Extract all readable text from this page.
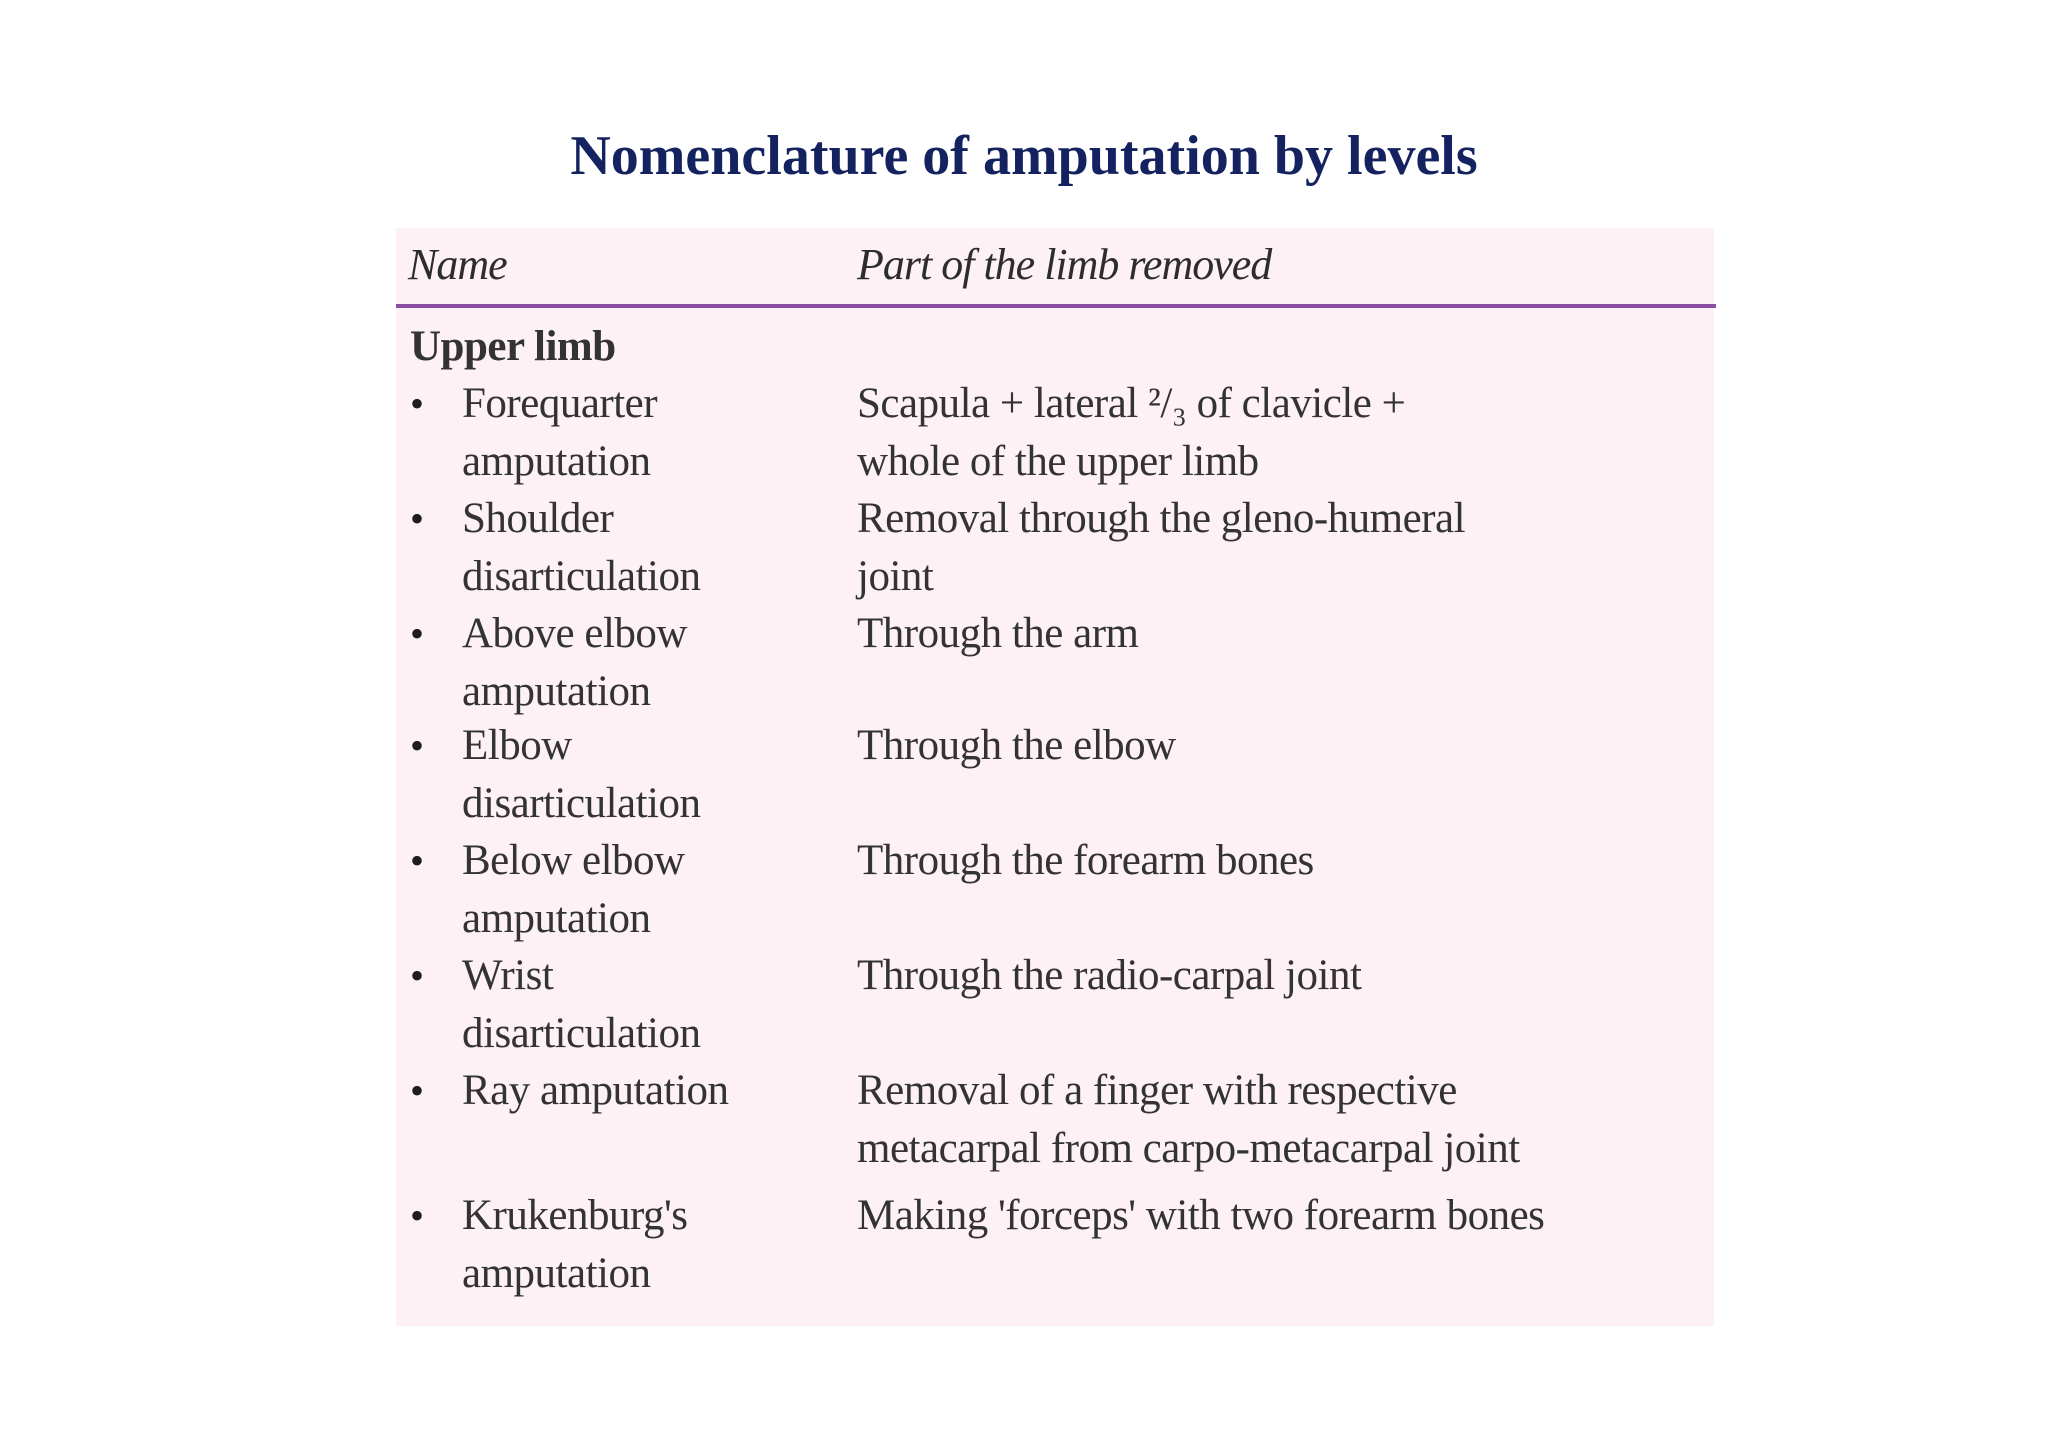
Nomenclature of amputation by levels
Name	Part of the limb removed
Upper limb
• Forequarter
amputation
Scapula + lateral ²/₃ of clavicle +
whole of the upper limb
• Shoulder
disarticulation
Removal through the gleno-humeral
joint
• Above elbow
amputation
Through the arm
• Elbow
disarticulation
Through the elbow
• Below elbow
amputation
Through the forearm bones
• Wrist
disarticulation
Through the radio-carpal joint
• Ray amputation	Removal of a finger with respective
metacarpal from carpo-metacarpal joint
• Krukenburg's
amputation
Making 'forceps' with two forearm bones
